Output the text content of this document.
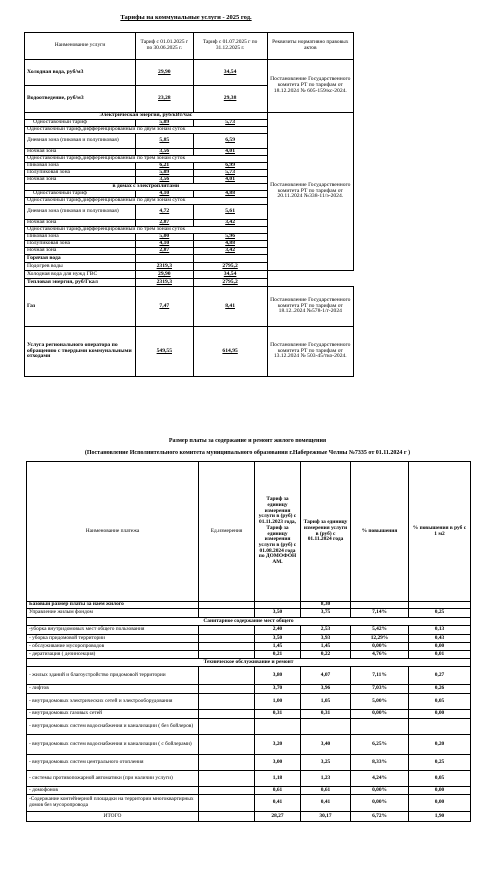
Тарифы на коммунальные услуги - 2025 год.
Наименование услуги	Тариф с 01.01.2025 г по 30.06.2025 г.	Тариф с 01.07.2025 г по 31.12.2025 г.	Реквизиты нормативно правовых актов
Холодная вода, руб/м3	29,90	34,54	Постановление Государственного комитета РТ по тарифам от 18.12.2024 № 605-159/кс-2024.
Водоотведение, руб/м3	23,28	29,38	
Электрическая энергия, руб/кВт/час			Постановление Государственного комитета РТ по тарифам от 20.11.2024 №338-11/э-2024.
Одноставочный тариф	5,09	5,73	
Одноставочный тариф,дифференцированный по двум зонам суток			
Дневная зона (пиковая и полупиковая)	5,85	6,59	
Ночная зона	3,56	4,01	
Одноставочный тариф,дифференцированный по трем зонам суток			
Пиковая зона	6,21	6,99	
Полупиковая зона	5,09	5,73	
Ночная зона	3,56	4,01	
в домах с электроплитами			
Одноставочный тариф	4,10	4,88	
Одноставочный тариф,дифференцированный по двум зонам суток			
Дневная зона (пиковая и полупиковая)	4,72	5,61	
Ночная зона	2,87	3,42	
Одноставочный тариф,дифференцированный по трем зонам суток			
Пиковая зона	5,00	5,96	
Полупиковая зона	4,10	4,88	
Ночная зона	2,87	3,42	
Горячая вода			
Подогрев воды	2319,3	2795,2	
Холодная вода для нужд ГВС	29,90	34,54	
Тепловая энергия, руб/Гкал	2319,3	2795,2	
Газ	7,47	8,41	Постановление Государственного комитета РТ по тарифам от 18.12..2024 №578-1/г-2024
Услуга регионального оператора по обращению с твердыми коммунальными отходами	549,55	614,95	Постановление Государственного комитета РТ по тарифам от 13.12.2024 № 503-45/тко-2024.
Размер платы за содержание и ремонт жилого помещения
(Постановление Исполнительного комитета муниципального образования г.Набережные Челны №7335 от 01.11.2024 г )
Наименование платежа	Ед.измерения	Тариф за единицу измерения услуги в (руб) с 01.11.2023 года, Тариф за единицу измерения услуги в (руб) с 01.08.2024 года по ДОМОФОН АМ.	Тариф за единицу измерения услуги в (руб) с 01.11.2024 года	% повышения	% повышения в руб с 1 м2
Базовый размер платы за наем жилого			8,30		
Управление жилым фондом		3,50	3,75	7,14%	0,25
Санитарное содержание мест общего					
-уборка внутридомовых мест общего пользования		2,40	2,53	5,42%	0,13
- уборка придомовой территории		3,50	3,93	12,29%	0,43
- обслуживание мусоропроводов		1,45	1,45	0,00%	0,00
- дератизация ( дезинсекция)		0,21	0,22	4,76%	0,01
Техническое обслуживание и ремонт					
- жилых зданий и благоустройство придомовой территории		3,80	4,07	7,11%	0,27
- лифтов		3,70	3,96	7,03%	0,26
- внутридомовых электрических сетей и электрооборудования		1,00	1,05	5,00%	0,05
- внутридомовых газовых сетей		0,31	0,31	0,00%	0,00
- внутридомовых систем водоснабжения и канализации ( без бойлеров)					
- внутридомовых систем водоснабжения и канализации ( с бойлерами)		3,20	3,40	6,25%	0,20
- внутридомовых систем центрального отопления		3,00	3,25	8,33%	0,25
- системы противопожарной автоматики (при наличии услуги)		1,18	1,23	4,24%	0,05
- домофонов		0,61	0,61	0,00%	0,00
-Содержание контейнерной площадки на территории многоквартирных домов без мусоропровода		0,41	0,41	0,00%	0,00
ИТОГО		28,27	30,17	6,72%	1,90
